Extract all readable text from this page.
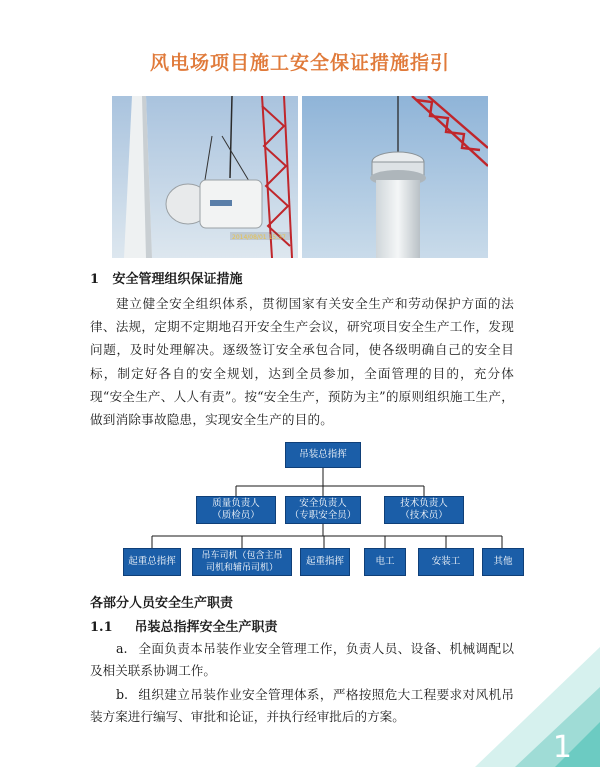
风电场项目施工安全保证措施指引
2014/08/01 15:37
1 安全管理组织保证措施
建立健全安全组织体系，贯彻国家有关安全生产和劳动保护方面的法律、法规，定期不定期地召开安全生产会议，研究项目安全生产工作，发现问题，及时处理解决。逐级签订安全承包合同，使各级明确自己的安全目标，制定好各自的安全规划，达到全员参加，全面管理的目的，充分体现“安全生产、人人有责”。按“安全生产，预防为主”的原则组织施工生产，做到消除事故隐患，实现安全生产的目的。
吊装总指挥
质量负责人
（质检员）
安全负责人
（专职安全员）
技术负责人
（技术员）
起重总指挥	吊车司机（包含主吊
司机和辅吊司机）
起重指挥	电工	安装工	其他
各部分人员安全生产职责
1.1 吊装总指挥安全生产职责
a. 全面负责本吊装作业安全管理工作，负责人员、设备、机械调配以及相关联系协调工作。
b. 组织建立吊装作业安全管理体系，严格按照危大工程要求对风机吊装方案进行编写、审批和论证，并执行经审批后的方案。
1
